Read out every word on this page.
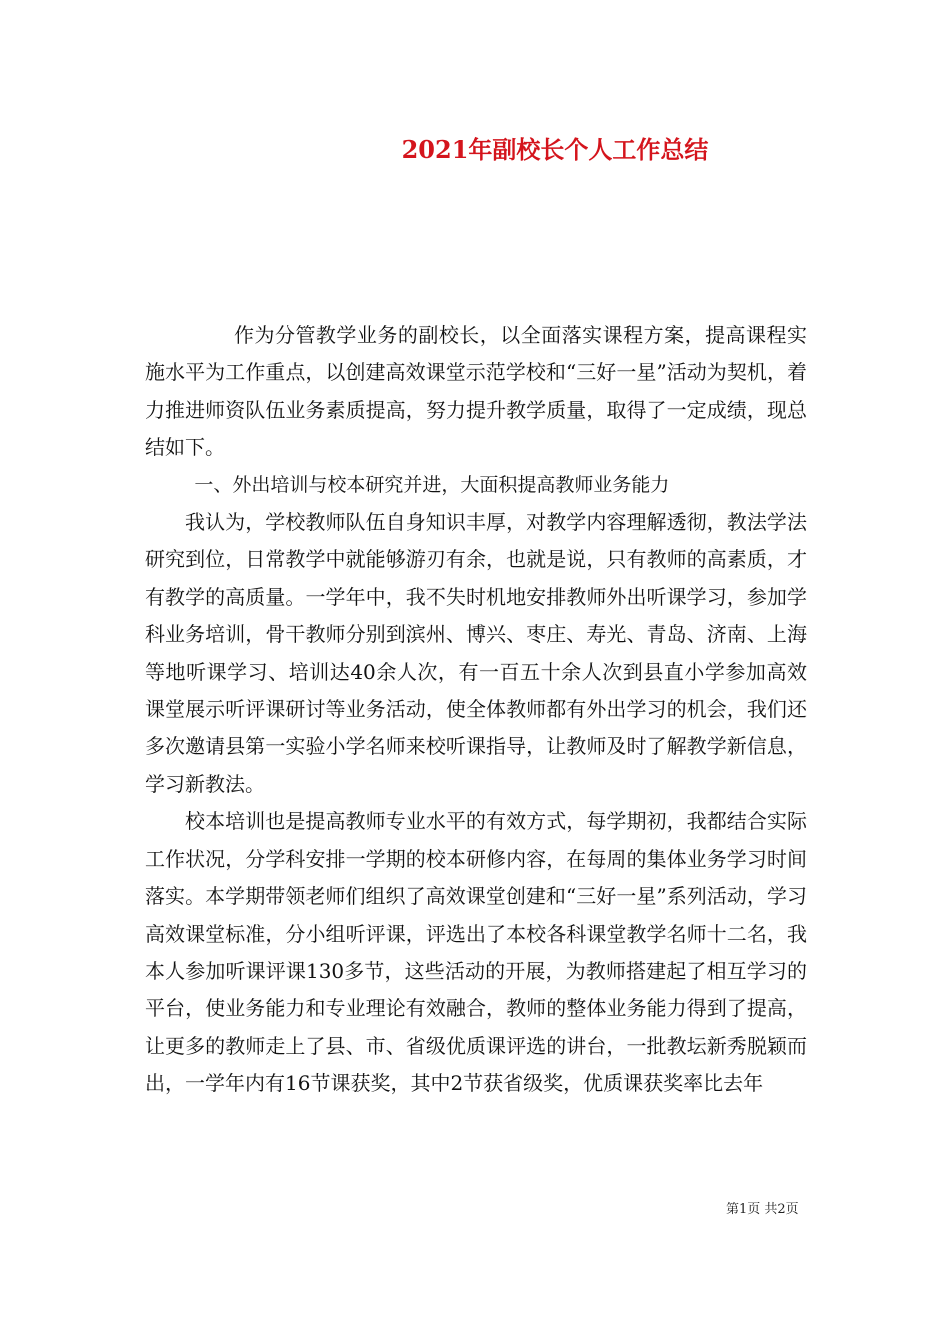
2021年副校长个人工作总结

作为分管教学业务的副校长，以全面落实课程方案，提高课程实施水平为工作重点，以创建高效课堂示范学校和“三好一星”活动为契机，着力推进师资队伍业务素质提高，努力提升教学质量，取得了一定成绩，现总结如下。

一、外出培训与校本研究并进，大面积提高教师业务能力

我认为，学校教师队伍自身知识丰厚，对教学内容理解透彻，教法学法研究到位，日常教学中就能够游刃有余，也就是说，只有教师的高素质，才有教学的高质量。一学年中，我不失时机地安排教师外出听课学习，参加学科业务培训，骨干教师分别到滨州、博兴、枣庄、寿光、青岛、济南、上海等地听课学习、培训达40余人次，有一百五十余人次到县直小学参加高效课堂展示听评课研讨等业务活动，使全体教师都有外出学习的机会，我们还多次邀请县第一实验小学名师来校听课指导，让教师及时了解教学新信息，学习新教法。

校本培训也是提高教师专业水平的有效方式，每学期初，我都结合实际工作状况，分学科安排一学期的校本研修内容，在每周的集体业务学习时间落实。本学期带领老师们组织了高效课堂创建和“三好一星”系列活动，学习高效课堂标准，分小组听评课，评选出了本校各科课堂教学名师十二名，我本人参加听课评课130多节，这些活动的开展，为教师搭建起了相互学习的平台，使业务能力和专业理论有效融合，教师的整体业务能力得到了提高，让更多的教师走上了县、市、省级优质课评选的讲台，一批教坛新秀脱颖而出，一学年内有16节课获奖，其中2节获省级奖，优质课获奖率比去年

第1页 共2页
